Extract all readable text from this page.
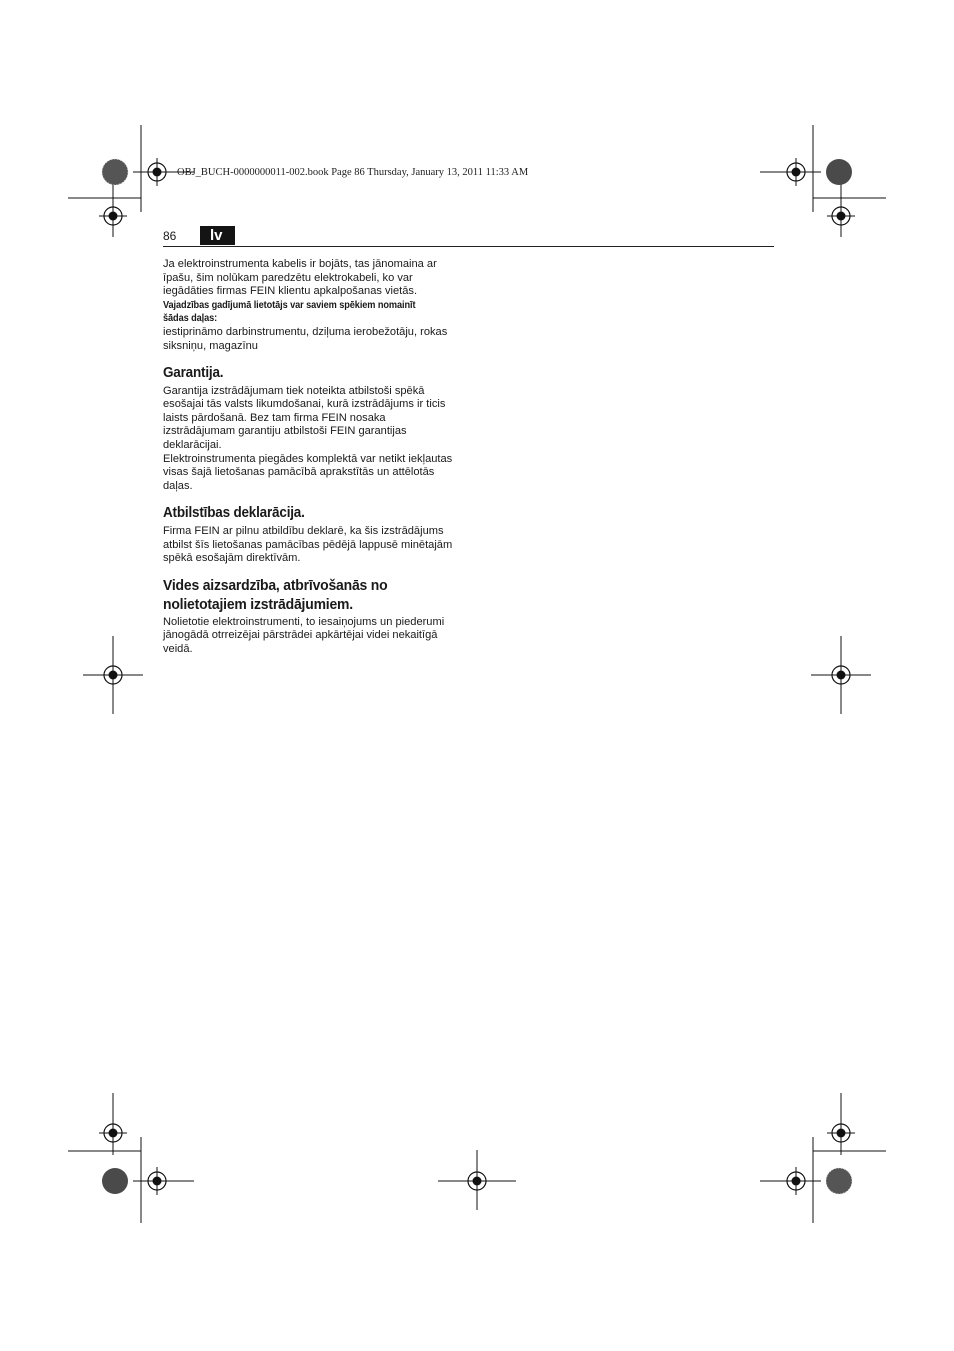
OBJ_BUCH-0000000011-002.book Page 86 Thursday, January 13, 2011 11:33 AM
86	lv

Ja elektroinstrumenta kabelis ir bojāts, tas jānomaina ar īpašu, šim nolūkam paredzētu elektrokabeli, ko var iegādāties firmas FEIN klientu apkalpošanas vietās.

Vajadzības gadījumā lietotājs var saviem spēkiem nomainīt šādas daļas:

iestiprināmo darbinstrumentu, dziļuma ierobežotāju, rokas siksniņu, magazīnu

Garantija.

Garantija izstrādājumam tiek noteikta atbilstoši spēkā esošajai tās valsts likumdošanai, kurā izstrādājums ir ticis laists pārdošanā. Bez tam firma FEIN nosaka izstrādājumam garantiju atbilstoši FEIN garantijas deklarācijai.

Elektroinstrumenta piegādes komplektā var netikt iekļautas visas šajā lietošanas pamācībā aprakstītās un attēlotās daļas.

Atbilstības deklarācija.

Firma FEIN ar pilnu atbildību deklarē, ka šis izstrādājums atbilst šīs lietošanas pamācības pēdējā lappusē minētajām spēkā esošajām direktīvām.

Vides aizsardzība, atbrīvošanās no
nolietotajiem izstrādājumiem.

Nolietotie elektroinstrumenti, to iesaiņojums un piederumi jānogādā otrreizējai pārstrādei apkārtējai videi nekaitīgā veidā.
